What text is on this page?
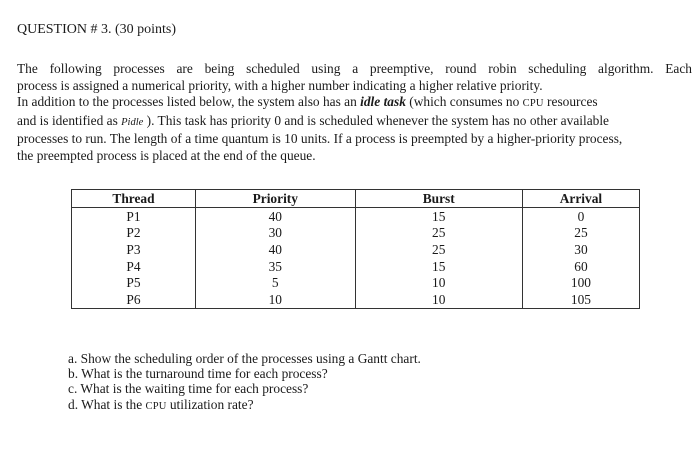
QUESTION # 3. (30 points)
The following processes are being scheduled using a preemptive, round robin scheduling algorithm. Each
process is assigned a numerical priority, with a higher number indicating a higher relative priority.
In addition to the processes listed below, the system also has an idle task (which consumes no CPU resources
and is identified as Pidle ). This task has priority 0 and is scheduled whenever the system has no other available
processes to run. The length of a time quantum is 10 units. If a process is preempted by a higher-priority process,
the preempted process is placed at the end of the queue.
Thread	Priority	Burst	Arrival
P1	40	15	0
P2	30	25	25
P3	40	25	30
P4	35	15	60
P5	5	10	100
P6	10	10	105
a. Show the scheduling order of the processes using a Gantt chart.
b. What is the turnaround time for each process?
c. What is the waiting time for each process?
d. What is the CPU utilization rate?
